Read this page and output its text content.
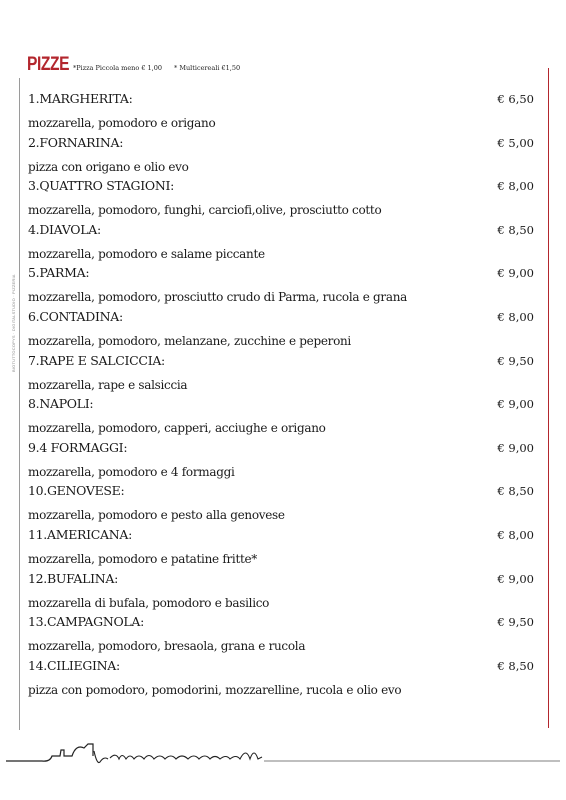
BIOTUTTOCOPYS · DIGITALSTUDIO · PIZZERIA
PIZZE *Pizza Piccola meno € 1,00 * Multicereali €1,50
1.MARGHERITA:	€ 6,50
mozzarella, pomodoro e origano
2.FORNARINA:	€ 5,00
pizza con origano e olio evo
3.QUATTRO STAGIONI:	€ 8,00
mozzarella, pomodoro, funghi, carciofi,olive, prosciutto cotto
4.DIAVOLA:	€ 8,50
mozzarella, pomodoro e salame piccante
5.PARMA:	€ 9,00
mozzarella, pomodoro, prosciutto crudo di Parma, rucola e grana
6.CONTADINA:	€ 8,00
mozzarella, pomodoro, melanzane, zucchine e peperoni
7.RAPE E SALCICCIA:	€ 9,50
mozzarella, rape e salsiccia
8.NAPOLI:	€ 9,00
mozzarella, pomodoro, capperi, acciughe e origano
9.4 FORMAGGI:	€ 9,00
mozzarella, pomodoro e 4 formaggi
10.GENOVESE:	€ 8,50
mozzarella, pomodoro e pesto alla genovese
11.AMERICANA:	€ 8,00
mozzarella, pomodoro e patatine fritte*
12.BUFALINA:	€ 9,00
mozzarella di bufala, pomodoro e basilico
13.CAMPAGNOLA:	€ 9,50
mozzarella, pomodoro, bresaola, grana e rucola
14.CILIEGINA:	€ 8,50
pizza con pomodoro, pomodorini, mozzarelline, rucola e olio evo
